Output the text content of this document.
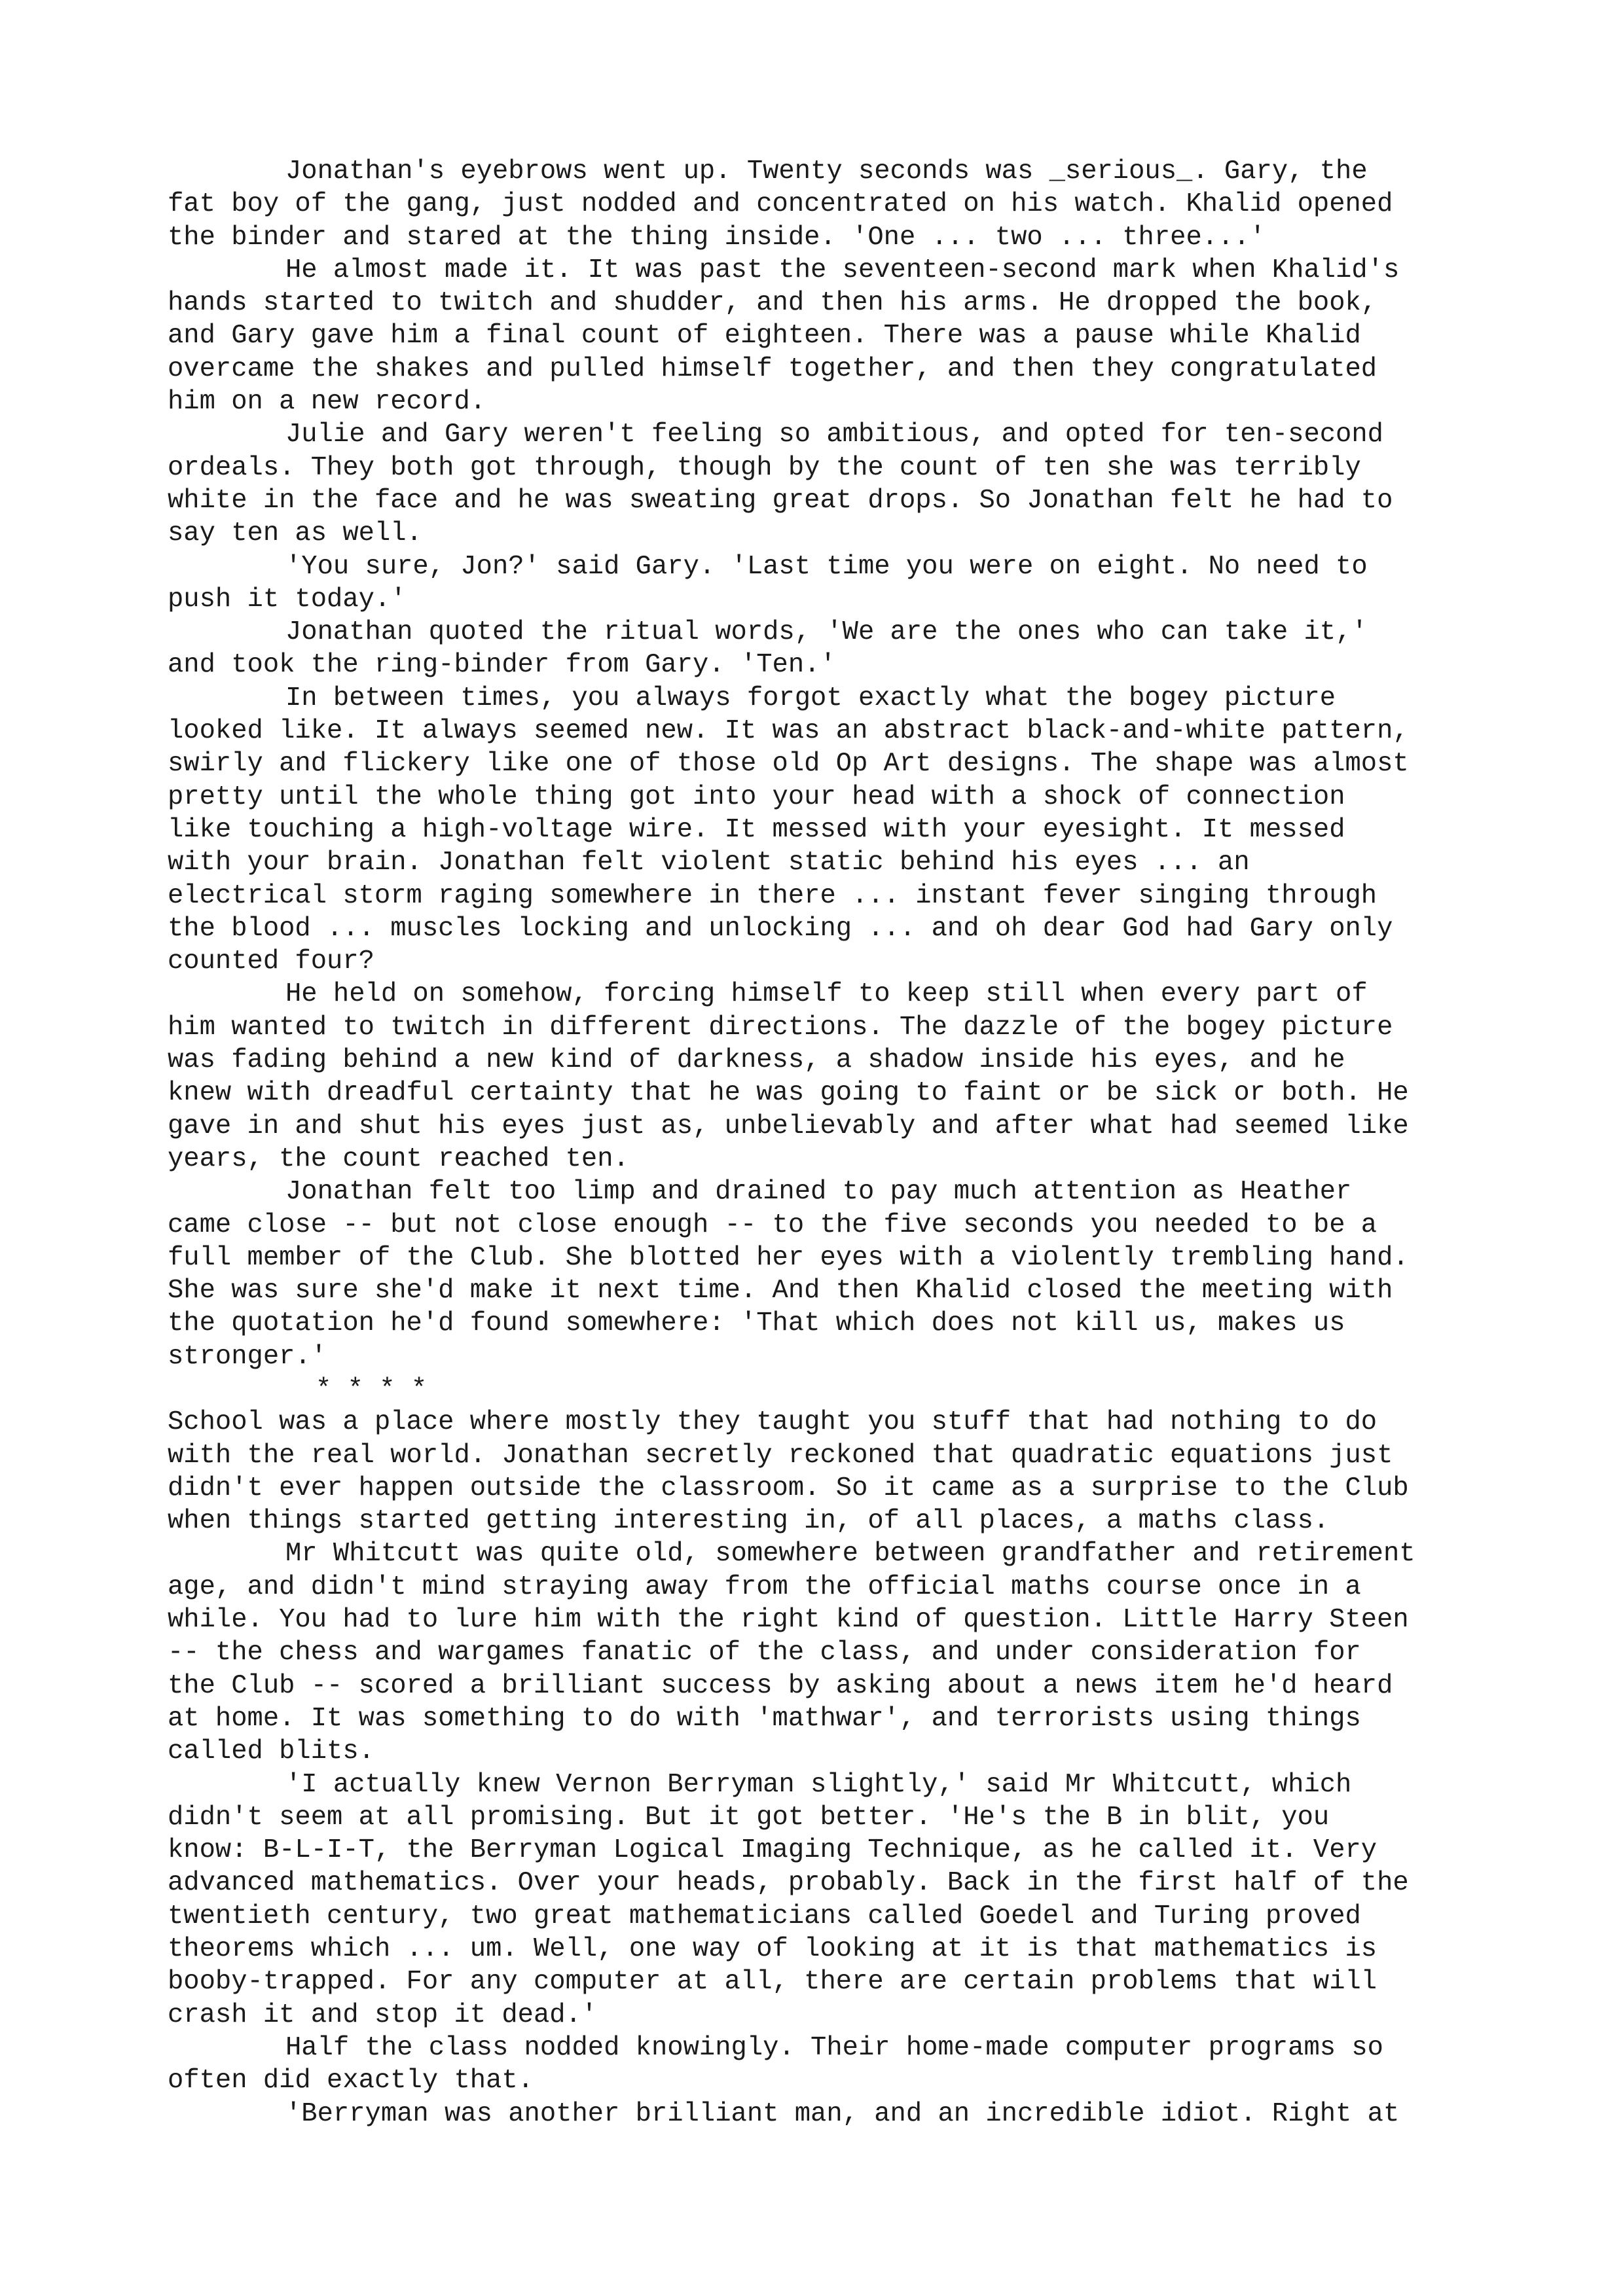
Jonathan's eyebrows went up. Twenty seconds was _serious_. Gary, the
fat boy of the gang, just nodded and concentrated on his watch. Khalid opened
the binder and stared at the thing inside. 'One ... two ... three...'

He almost made it. It was past the seventeen-second mark when Khalid's
hands started to twitch and shudder, and then his arms. He dropped the book,
and Gary gave him a final count of eighteen. There was a pause while Khalid
overcame the shakes and pulled himself together, and then they congratulated
him on a new record.

Julie and Gary weren't feeling so ambitious, and opted for ten-second
ordeals. They both got through, though by the count of ten she was terribly
white in the face and he was sweating great drops. So Jonathan felt he had to
say ten as well.

'You sure, Jon?' said Gary. 'Last time you were on eight. No need to
push it today.'

Jonathan quoted the ritual words, 'We are the ones who can take it,'
and took the ring-binder from Gary. 'Ten.'

In between times, you always forgot exactly what the bogey picture
looked like. It always seemed new. It was an abstract black-and-white pattern,
swirly and flickery like one of those old Op Art designs. The shape was almost
pretty until the whole thing got into your head with a shock of connection
like touching a high-voltage wire. It messed with your eyesight. It messed
with your brain. Jonathan felt violent static behind his eyes ... an
electrical storm raging somewhere in there ... instant fever singing through
the blood ... muscles locking and unlocking ... and oh dear God had Gary only
counted four?

He held on somehow, forcing himself to keep still when every part of
him wanted to twitch in different directions. The dazzle of the bogey picture
was fading behind a new kind of darkness, a shadow inside his eyes, and he
knew with dreadful certainty that he was going to faint or be sick or both. He
gave in and shut his eyes just as, unbelievably and after what had seemed like
years, the count reached ten.

Jonathan felt too limp and drained to pay much attention as Heather
came close -- but not close enough -- to the five seconds you needed to be a
full member of the Club. She blotted her eyes with a violently trembling hand.
She was sure she'd make it next time. And then Khalid closed the meeting with
the quotation he'd found somewhere: 'That which does not kill us, makes us
stronger.'

* * * *

School was a place where mostly they taught you stuff that had nothing to do
with the real world. Jonathan secretly reckoned that quadratic equations just
didn't ever happen outside the classroom. So it came as a surprise to the Club
when things started getting interesting in, of all places, a maths class.

Mr Whitcutt was quite old, somewhere between grandfather and retirement
age, and didn't mind straying away from the official maths course once in a
while. You had to lure him with the right kind of question. Little Harry Steen
-- the chess and wargames fanatic of the class, and under consideration for
the Club -- scored a brilliant success by asking about a news item he'd heard
at home. It was something to do with 'mathwar', and terrorists using things
called blits.

'I actually knew Vernon Berryman slightly,' said Mr Whitcutt, which
didn't seem at all promising. But it got better. 'He's the B in blit, you
know: B-L-I-T, the Berryman Logical Imaging Technique, as he called it. Very
advanced mathematics. Over your heads, probably. Back in the first half of the
twentieth century, two great mathematicians called Goedel and Turing proved
theorems which ... um. Well, one way of looking at it is that mathematics is
booby-trapped. For any computer at all, there are certain problems that will
crash it and stop it dead.'

Half the class nodded knowingly. Their home-made computer programs so
often did exactly that.

'Berryman was another brilliant man, and an incredible idiot. Right at
